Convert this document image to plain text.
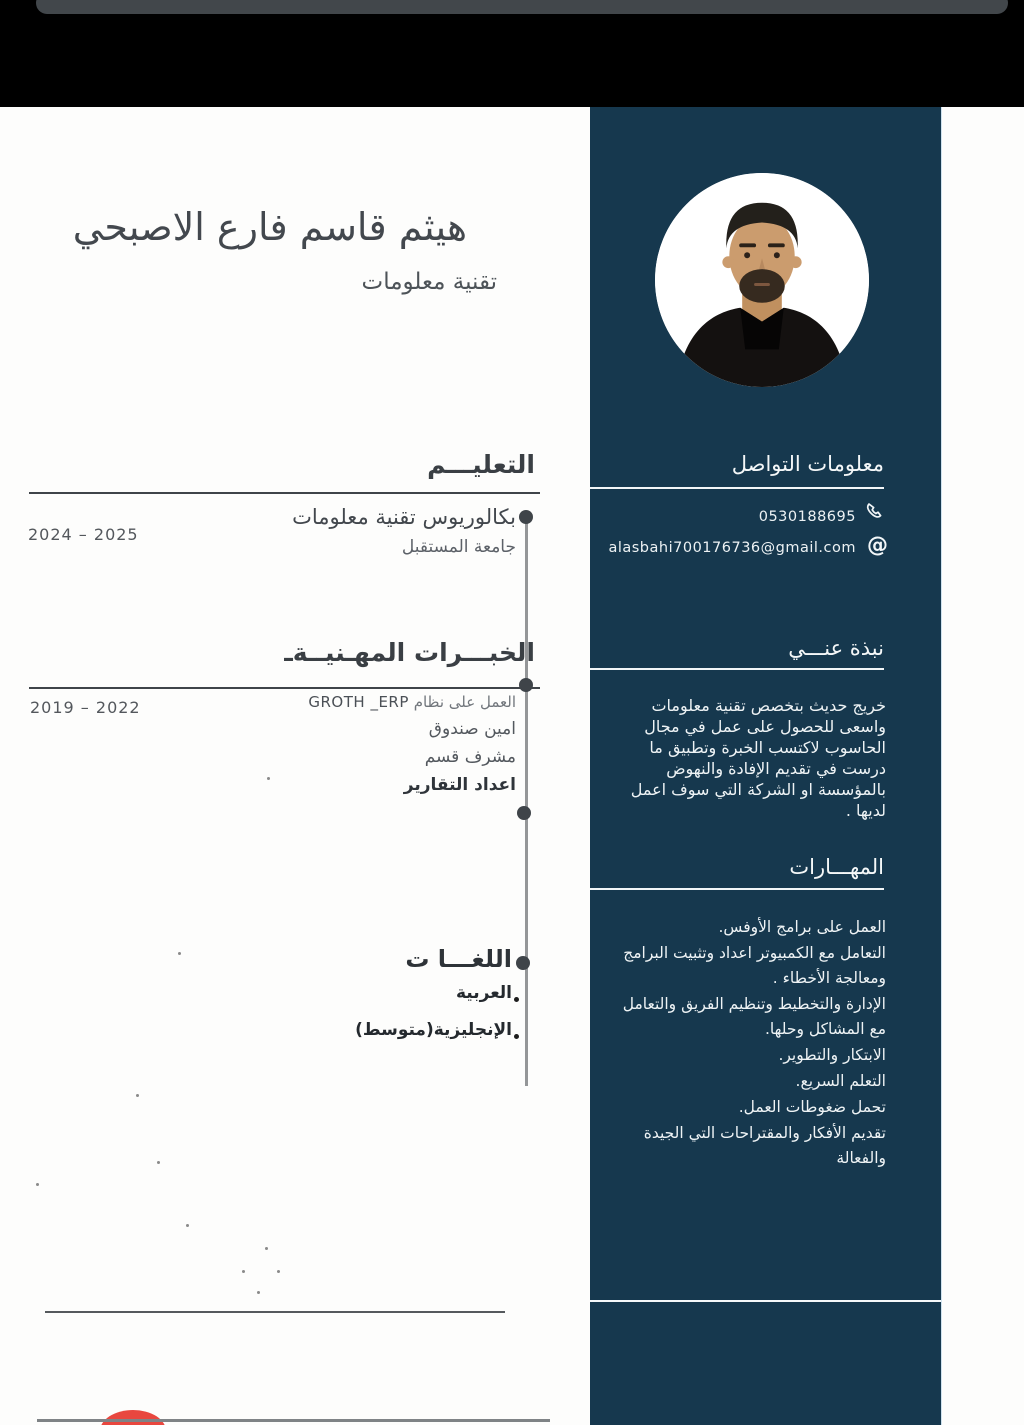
هيثم قاسم فارع الاصبحي
تقنية معلومات
التعليـــم
بكالوريوس تقنية معلومات
جامعة المستقبل
2024 – 2025
الخبـــرات المهـنيــةـ
العمل على نظام GROTH _ERP
امين صندوق
مشرف قسم
اعداد التقارير
2019 – 2022
اللغـــا ت
العربية
الإنجليزية(متوسط)
معلومات التواصل
0530188695
@
alasbahi700176736@gmail.com
نبذة عنـــي
خريج حديث بتخصص تقنية معلومات واسعى للحصول على عمل في مجال الحاسوب لاكتسب الخبرة وتطبيق ما درست في تقديم الإفادة والنهوض بالمؤسسة او الشركة التي سوف اعمل لديها .
المهـــارات
العمل على برامج الأوفس.
التعامل مع الكمبيوتر اعداد وتثبيت البرامج ومعالجة الأخطاء .
الإدارة والتخطيط وتنظيم الفريق والتعامل مع المشاكل وحلها.
الابتكار والتطوير.
التعلم السريع.
تحمل ضغوطات العمل.
تقديم الأفكار والمقتراحات التي الجيدة والفعالة
